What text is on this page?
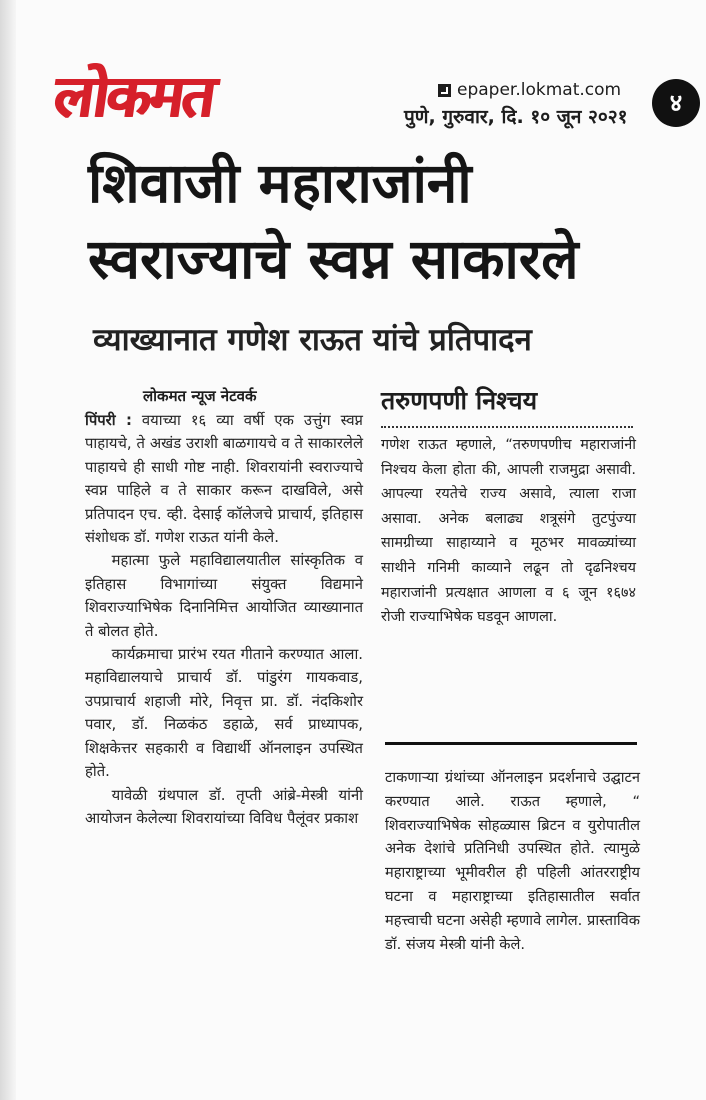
लोकमत	epaper.lokmat.com
पुणे, गुरुवार, दि. १० जून २०२१	४
शिवाजी महाराजांनी
स्वराज्याचे स्वप्न साकारले
व्याख्यानात गणेश राऊत यांचे प्रतिपादन
लोकमत न्यूज नेटवर्क

पिंपरी : वयाच्या १६ व्या वर्षी एक उत्तुंग स्वप्न पाहायचे, ते अखंड उराशी बाळगायचे व ते साकारलेले पाहायचे ही साधी गोष्ट नाही. शिवरायांनी स्वराज्याचे स्वप्न पाहिले व ते साकार करून दाखविले, असे प्रतिपादन एच. व्ही. देसाई कॉलेजचे प्राचार्य, इतिहास संशोधक डॉ. गणेश राऊत यांनी केले.

महात्मा फुले महाविद्यालयातील सांस्कृतिक व इतिहास विभागांच्या संयुक्त विद्यमाने शिवराज्याभिषेक दिनानिमित्त आयोजित व्याख्यानात ते बोलत होते.

कार्यक्रमाचा प्रारंभ रयत गीताने करण्यात आला. महाविद्यालयाचे प्राचार्य डॉ. पांडुरंग गायकवाड, उपप्राचार्य शहाजी मोरे, निवृत्त प्रा. डॉ. नंदकिशोर पवार, डॉ. निळकंठ डहाळे, सर्व प्राध्यापक, शिक्षकेत्तर सहकारी व विद्यार्थी ऑनलाइन उपस्थित होते.

यावेळी ग्रंथपाल डॉ. तृप्ती आंब्रे-मेस्त्री यांनी आयोजन केलेल्या शिवरायांच्या विविध पैलूंवर प्रकाश

तरुणपणी निश्चय
गणेश राऊत म्हणाले, “तरुणपणीच महाराजांनी निश्चय केला होता की, आपली राजमुद्रा असावी. आपल्या रयतेचे राज्य असावे, त्याला राजा असावा. अनेक बलाढ्य शत्रूसंगे तुटपुंज्या सामग्रीच्या साहाय्याने व मूठभर मावळ्यांच्या साथीने गनिमी काव्याने लढून तो दृढनिश्चय महाराजांनी प्रत्यक्षात आणला व ६ जून १६७४ रोजी राज्याभिषेक घडवून आणला.
टाकणाऱ्या ग्रंथांच्या ऑनलाइन प्रदर्शनाचे उद्घाटन करण्यात आले. राऊत म्हणाले, “ शिवराज्याभिषेक सोहळ्यास ब्रिटन व युरोपातील अनेक देशांचे प्रतिनिधी उपस्थित होते. त्यामुळे महाराष्ट्राच्या भूमीवरील ही पहिली आंतरराष्ट्रीय घटना व महाराष्ट्राच्या इतिहासातील सर्वात महत्त्वाची घटना असेही म्हणावे लागेल. प्रास्ताविक डॉ. संजय मेस्त्री यांनी केले.
